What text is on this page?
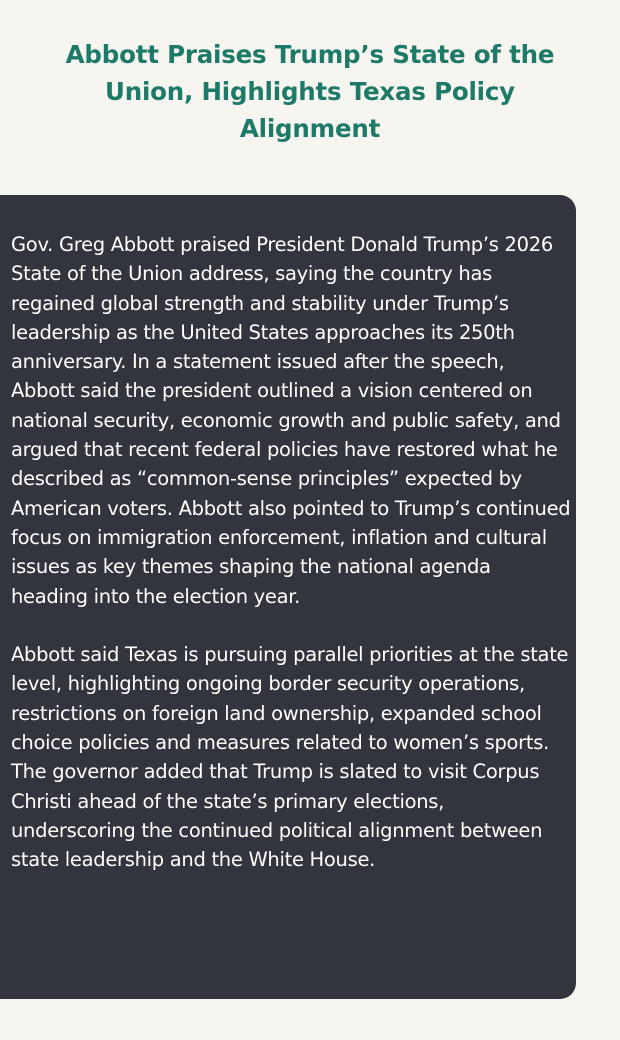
Abbott Praises Trump’s State of the Union, Highlights Texas Policy Alignment

Gov. Greg Abbott praised President Donald Trump’s 2026 State of the Union address, saying the country has regained global strength and stability under Trump’s leadership as the United States approaches its 250th anniversary. In a statement issued after the speech, Abbott said the president outlined a vision centered on national security, economic growth and public safety, and argued that recent federal policies have restored what he described as “common-sense principles” expected by American voters. Abbott also pointed to Trump’s continued focus on immigration enforcement, inflation and cultural issues as key themes shaping the national agenda heading into the election year.

Abbott said Texas is pursuing parallel priorities at the state level, highlighting ongoing border security operations, restrictions on foreign land ownership, expanded school choice policies and measures related to women’s sports. The governor added that Trump is slated to visit Corpus Christi ahead of the state’s primary elections, underscoring the continued political alignment between state leadership and the White House.
